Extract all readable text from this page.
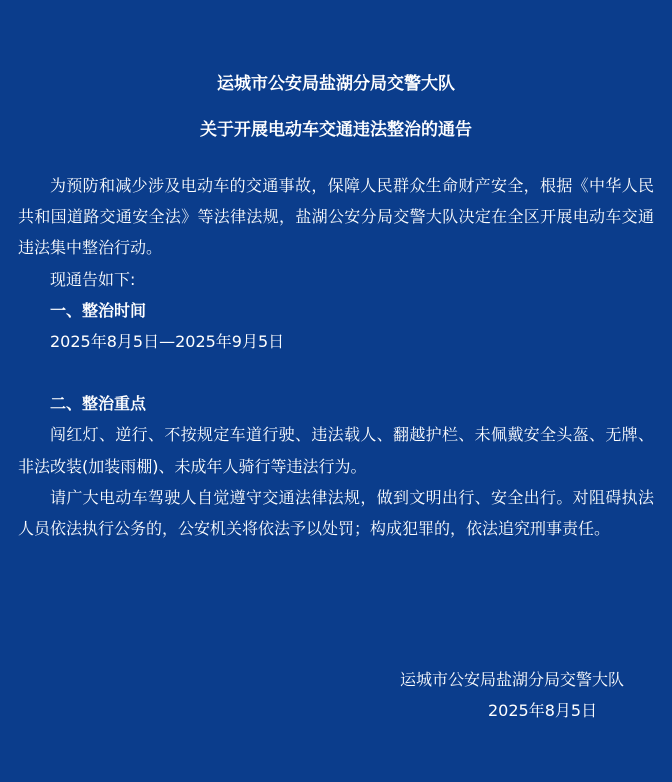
运城市公安局盐湖分局交警大队
关于开展电动车交通违法整治的通告

为预防和减少涉及电动车的交通事故，保障人民群众生命财产安全，根据《中华人民共和国道路交通安全法》等法律法规，盐湖公安分局交警大队决定在全区开展电动车交通违法集中整治行动。

现通告如下:

一、整治时间

2025年8月5日—2025年9月5日

二、整治重点

闯红灯、逆行、不按规定车道行驶、违法载人、翻越护栏、未佩戴安全头盔、无牌、非法改装(加装雨棚)、未成年人骑行等违法行为。

请广大电动车驾驶人自觉遵守交通法律法规，做到文明出行、安全出行。对阻碍执法人员依法执行公务的，公安机关将依法予以处罚；构成犯罪的，依法追究刑事责任。

运城市公安局盐湖分局交警大队

2025年8月5日
